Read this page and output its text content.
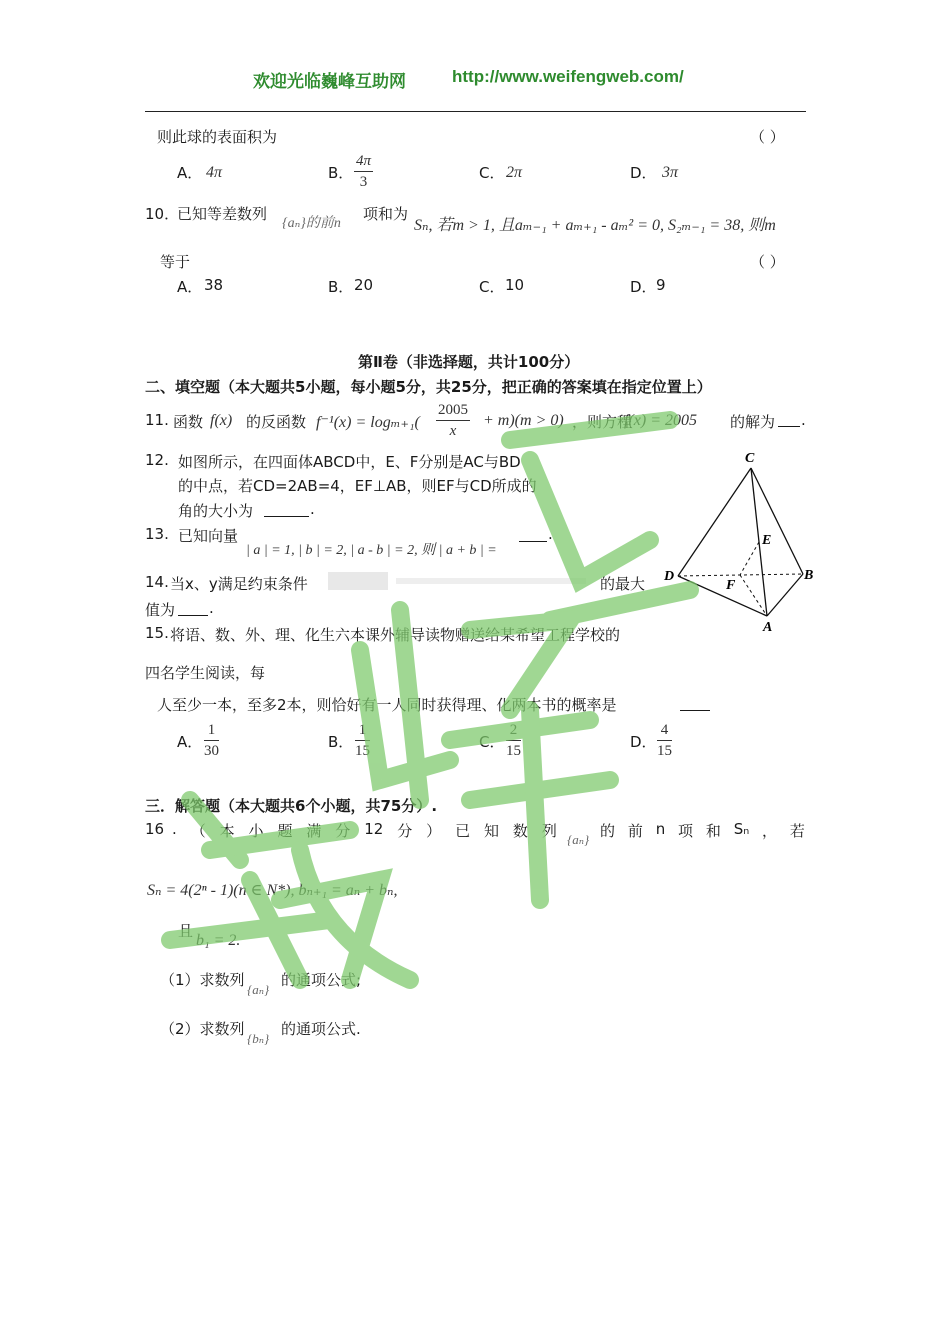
欢迎光临巍峰互助网	http://www.weifengweb.com/
则此球的表面积为	（ ）
A． 4π	B． $\frac{4\pi}{3}$	C． 2π	D． 3π
10．
已知等差数列
{aₙ}的前n
项和为
Sₙ, 若m > 1, 且aₘ₋₁ + aₘ₊₁ - aₘ² = 0, S₂ₘ₋₁ = 38, 则m
等于	（ ）
A． 38	B． 20	C． 10	D． 9
第Ⅱ卷（非选择题，共计100分）
二、填空题（本大题共5小题，每小题5分，共25分，把正确的答案填在指定位置上）
11. 函数 f(x) 的反函数 $f^{-1}(x) = \log_{m+1}( \frac{2005}{x} + m)(m > 0)$ ，则方程
f(x) = 2005 的解为 .
12. 如图所示，在四面体ABCD中，E、F分别是AC与BD
的中点，若CD=2AB=4，EF⊥AB，则EF与CD所成的
角的大小为	.
13. 已知向量
| a | = 1, | b | = 2, | a - b | = 2, 则 | a + b | =
.
14. 当x、y满足约束条件	的最大
值为 .
C
E
F
D	B
A
15. 将语、数、外、理、化生六本课外辅导读物赠送给某希望工程学校的
四名学生阅读，每
人至少一本，至多2本，则恰好有一人同时获得理、化两本书的概率是
A． $\frac{1}{30}$	B． $\frac{1}{15}$	C． $\frac{2}{15}$	D． $\frac{4}{15}$
三．解答题（本大题共6个小题，共75分）.
16 . （ 本 小 题 满 分 12 分 ） 已 知 数 列 {aₙ} 的 前 n 项 和 Sₙ ， 若
Sₙ = 4(2ⁿ - 1)(n ∈ N*), bₙ₊₁ = aₙ + bₙ,
且
b₁ = 2.
（1）求数列
{aₙ}
的通项公式;
（2）求数列
{bₙ}
的通项公式.
